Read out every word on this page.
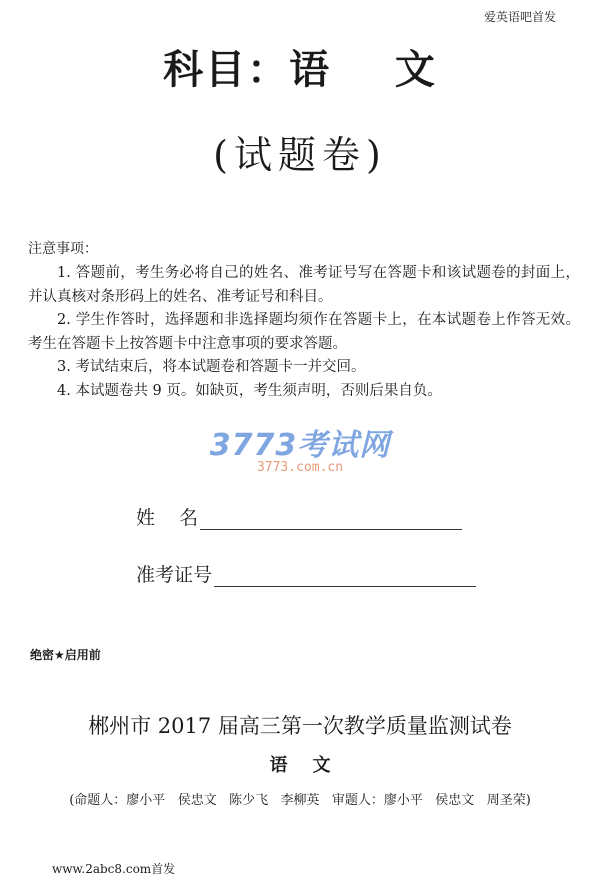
爱英语吧首发
科目：语    文
(试题卷)
注意事项：

1. 答题前，考生务必将自己的姓名、准考证号写在答题卡和该试题卷的封面上，并认真核对条形码上的姓名、准考证号和科目。

2. 学生作答时，选择题和非选择题均须作在答题卡上，在本试题卷上作答无效。考生在答题卡上按答题卡中注意事项的要求答题。

3. 考试结束后，将本试题卷和答题卡一并交回。

4. 本试题卷共 9 页。如缺页，考生须声明，否则后果自负。

3773考试网
3773.com.cn
姓    名
准考证号
绝密★启用前
郴州市 2017 届高三第一次教学质量监测试卷
语    文
(命题人：廖小平   侯忠文   陈少飞   李柳英   审题人：廖小平   侯忠文   周圣荣)
www.2abc8.com首发
